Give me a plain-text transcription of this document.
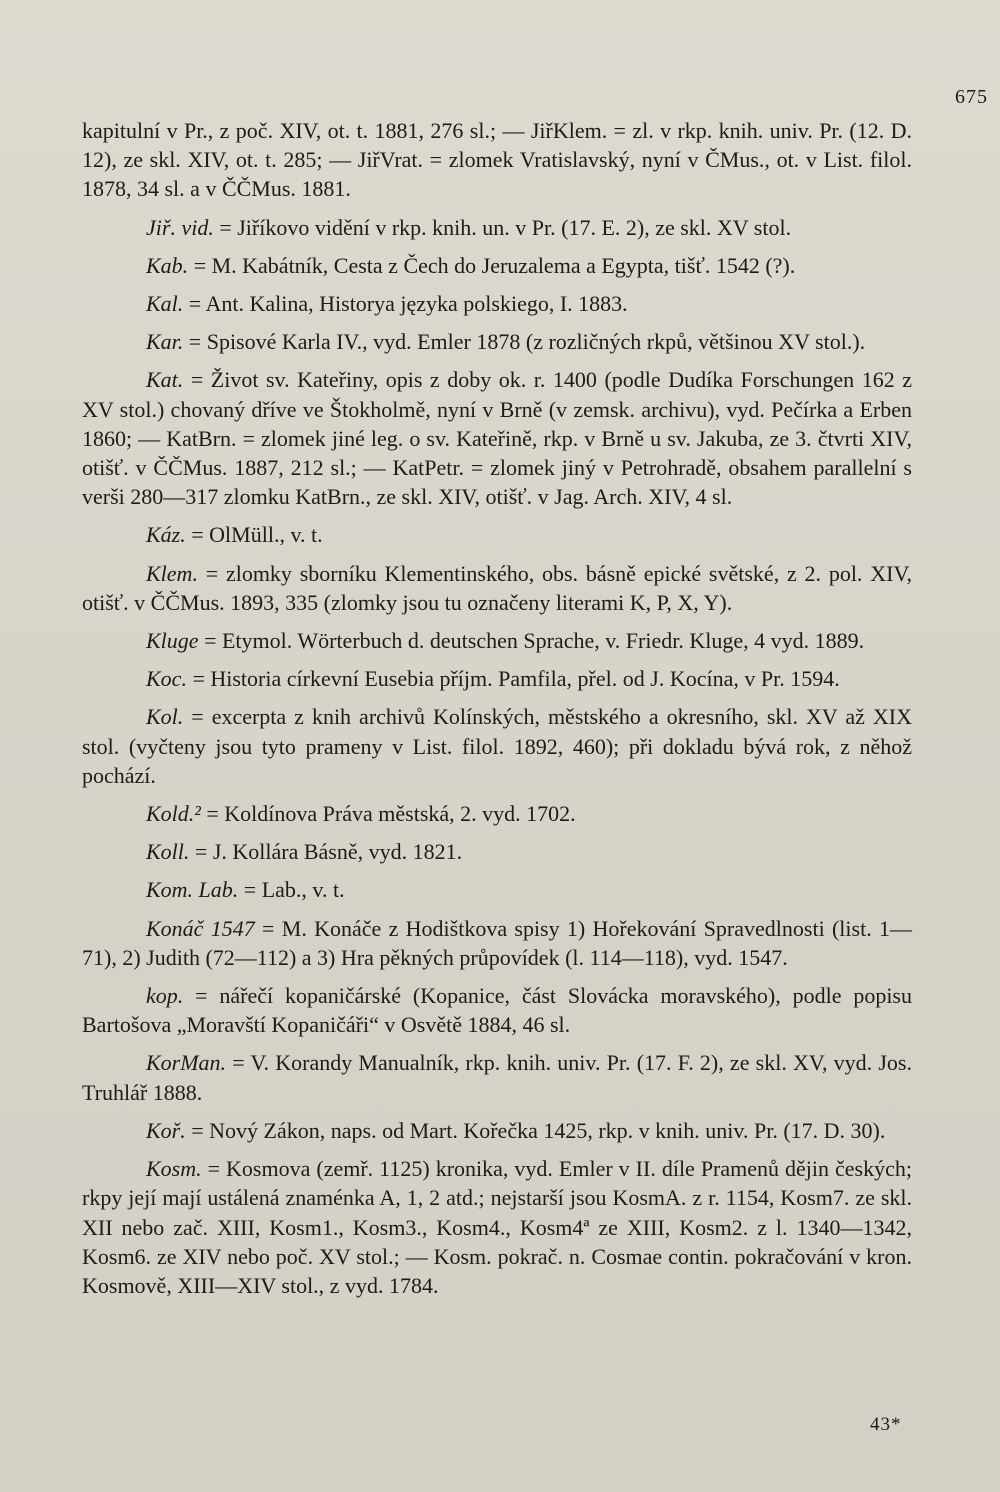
675

kapitulní v Pr., z poč. XIV, ot. t. 1881, 276 sl.; — JiřKlem. = zl. v rkp. knih. univ. Pr. (12. D. 12), ze skl. XIV, ot. t. 285; — JiřVrat. = zlomek Vratislavský, nyní v ČMus., ot. v List. filol. 1878, 34 sl. a v ČČMus. 1881.

Jiř. vid. = Jiříkovo vidění v rkp. knih. un. v Pr. (17. E. 2), ze skl. XV stol.

Kab. = M. Kabátník, Cesta z Čech do Jeruzalema a Egypta, tišť. 1542 (?).

Kal. = Ant. Kalina, Historya języka polskiego, I. 1883.

Kar. = Spisové Karla IV., vyd. Emler 1878 (z rozličných rkpů, většinou XV stol.).

Kat. = Život sv. Kateřiny, opis z doby ok. r. 1400 (podle Dudíka Forschungen 162 z XV stol.) chovaný dříve ve Štokholmě, nyní v Brně (v zemsk. archivu), vyd. Pečírka a Erben 1860; — KatBrn. = zlomek jiné leg. o sv. Kateřině, rkp. v Brně u sv. Jakuba, ze 3. čtvrti XIV, otišť. v ČČMus. 1887, 212 sl.; — KatPetr. = zlomek jiný v Petrohradě, obsahem parallelní s verši 280—317 zlomku KatBrn., ze skl. XIV, otišť. v Jag. Arch. XIV, 4 sl.

Káz. = OlMüll., v. t.

Klem. = zlomky sborníku Klementinského, obs. básně epické světské, z 2. pol. XIV, otišť. v ČČMus. 1893, 335 (zlomky jsou tu označeny literami K, P, X, Y).

Kluge = Etymol. Wörterbuch d. deutschen Sprache, v. Friedr. Kluge, 4 vyd. 1889.

Koc. = Historia církevní Eusebia příjm. Pamfila, přel. od J. Kocína, v Pr. 1594.

Kol. = excerpta z knih archivů Kolínských, městského a okresního, skl. XV až XIX stol. (vyčteny jsou tyto prameny v List. filol. 1892, 460); při dokladu bývá rok, z něhož pochází.

Kold.² = Koldínova Práva městská, 2. vyd. 1702.

Koll. = J. Kollára Básně, vyd. 1821.

Kom. Lab. = Lab., v. t.

Konáč 1547 = M. Konáče z Hodištkova spisy 1) Hořekování Spravedlnosti (list. 1—71), 2) Judith (72—112) a 3) Hra pěkných průpovídek (l. 114—118), vyd. 1547.

kop. = nářečí kopaničárské (Kopanice, část Slovácka moravského), podle popisu Bartošova „Moravští Kopaničáři“ v Osvětě 1884, 46 sl.

KorMan. = V. Korandy Manualník, rkp. knih. univ. Pr. (17. F. 2), ze skl. XV, vyd. Jos. Truhlář 1888.

Koř. = Nový Zákon, naps. od Mart. Kořečka 1425, rkp. v knih. univ. Pr. (17. D. 30).

Kosm. = Kosmova (zemř. 1125) kronika, vyd. Emler v II. díle Pramenů dějin českých; rkpy její mají ustálená znaménka A, 1, 2 atd.; nejstarší jsou KosmA. z r. 1154, Kosm7. ze skl. XII nebo zač. XIII, Kosm1., Kosm3., Kosm4., Kosm4ª ze XIII, Kosm2. z l. 1340—1342, Kosm6. ze XIV nebo poč. XV stol.; — Kosm. pokrač. n. Cosmae contin. pokračování v kron. Kosmově, XIII—XIV stol., z vyd. 1784.

43*
